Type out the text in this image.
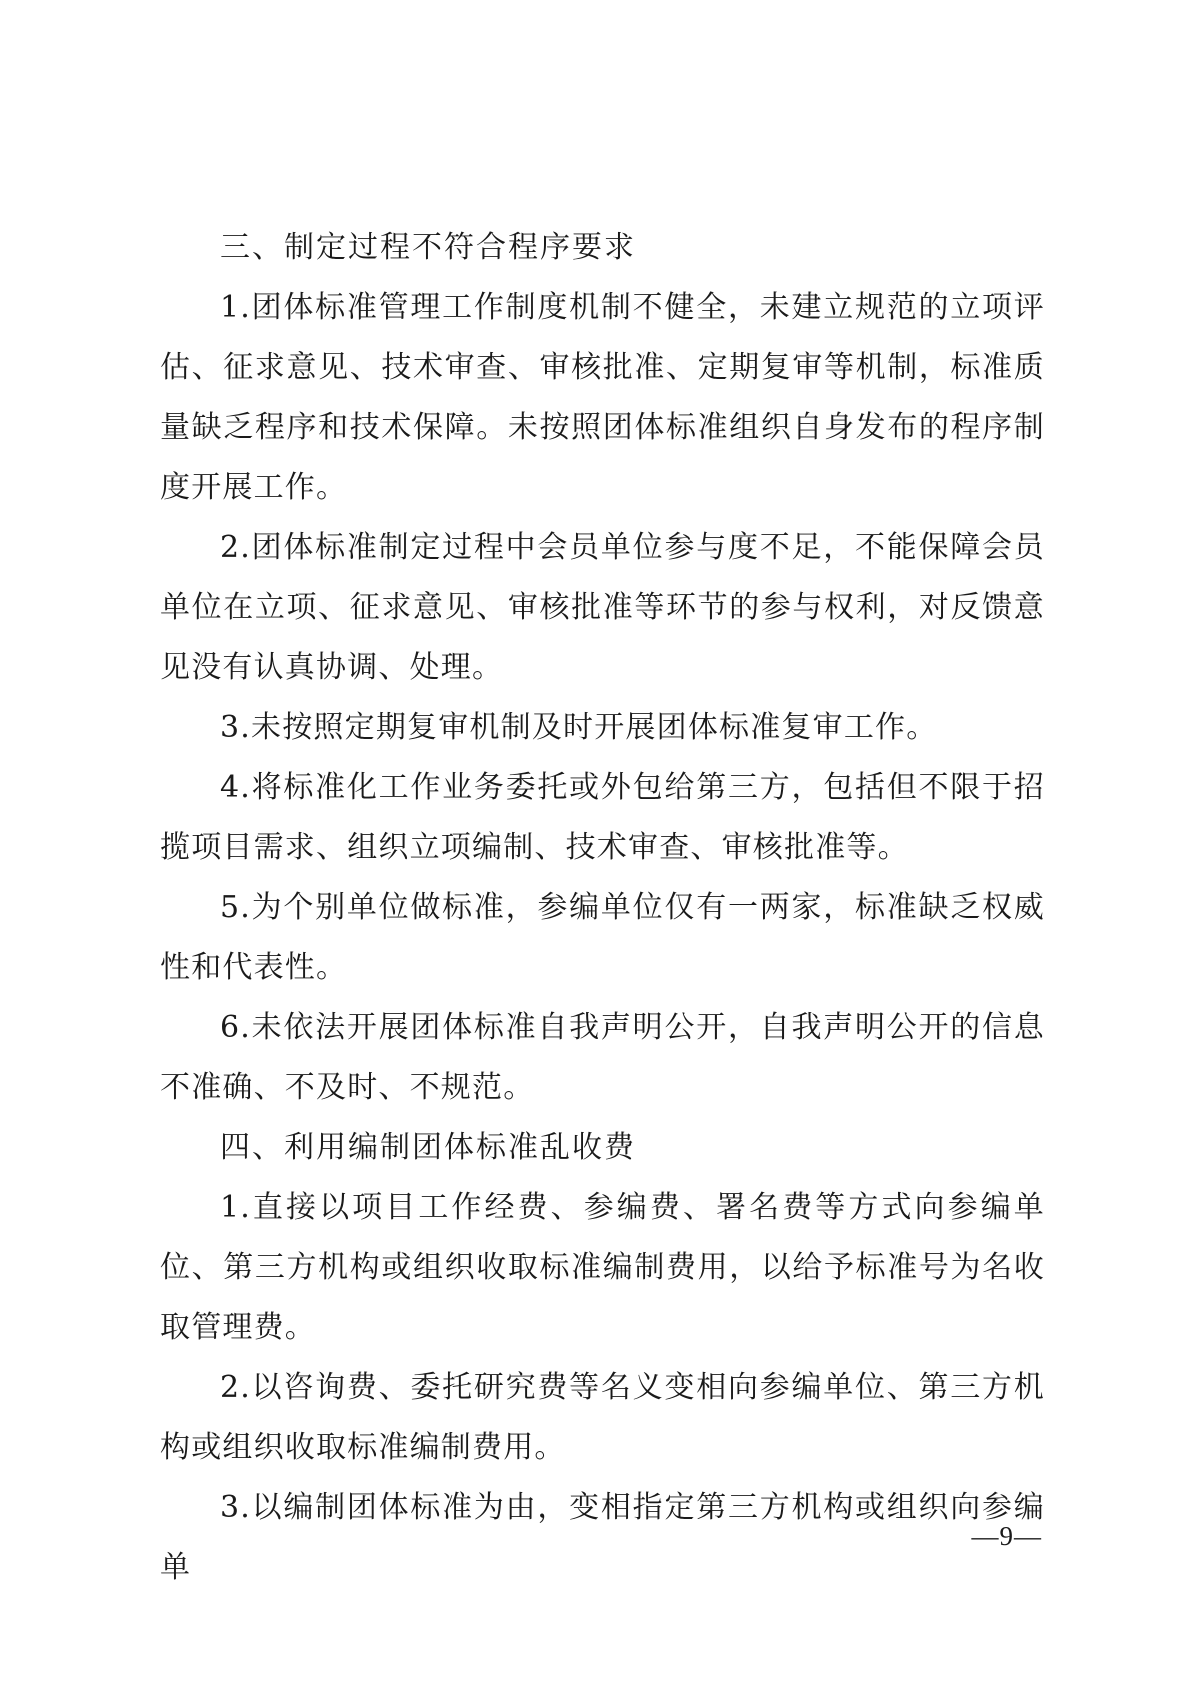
三、制定过程不符合程序要求

1.团体标准管理工作制度机制不健全，未建立规范的立项评估、征求意见、技术审查、审核批准、定期复审等机制，标准质量缺乏程序和技术保障。未按照团体标准组织自身发布的程序制度开展工作。

2.团体标准制定过程中会员单位参与度不足，不能保障会员单位在立项、征求意见、审核批准等环节的参与权利，对反馈意见没有认真协调、处理。

3.未按照定期复审机制及时开展团体标准复审工作。

4.将标准化工作业务委托或外包给第三方，包括但不限于招揽项目需求、组织立项编制、技术审查、审核批准等。

5.为个别单位做标准，参编单位仅有一两家，标准缺乏权威性和代表性。

6.未依法开展团体标准自我声明公开，自我声明公开的信息不准确、不及时、不规范。

四、利用编制团体标准乱收费

1.直接以项目工作经费、参编费、署名费等方式向参编单位、第三方机构或组织收取标准编制费用，以给予标准号为名收取管理费。

2.以咨询费、委托研究费等名义变相向参编单位、第三方机构或组织收取标准编制费用。

3.以编制团体标准为由，变相指定第三方机构或组织向参编单

—9—
